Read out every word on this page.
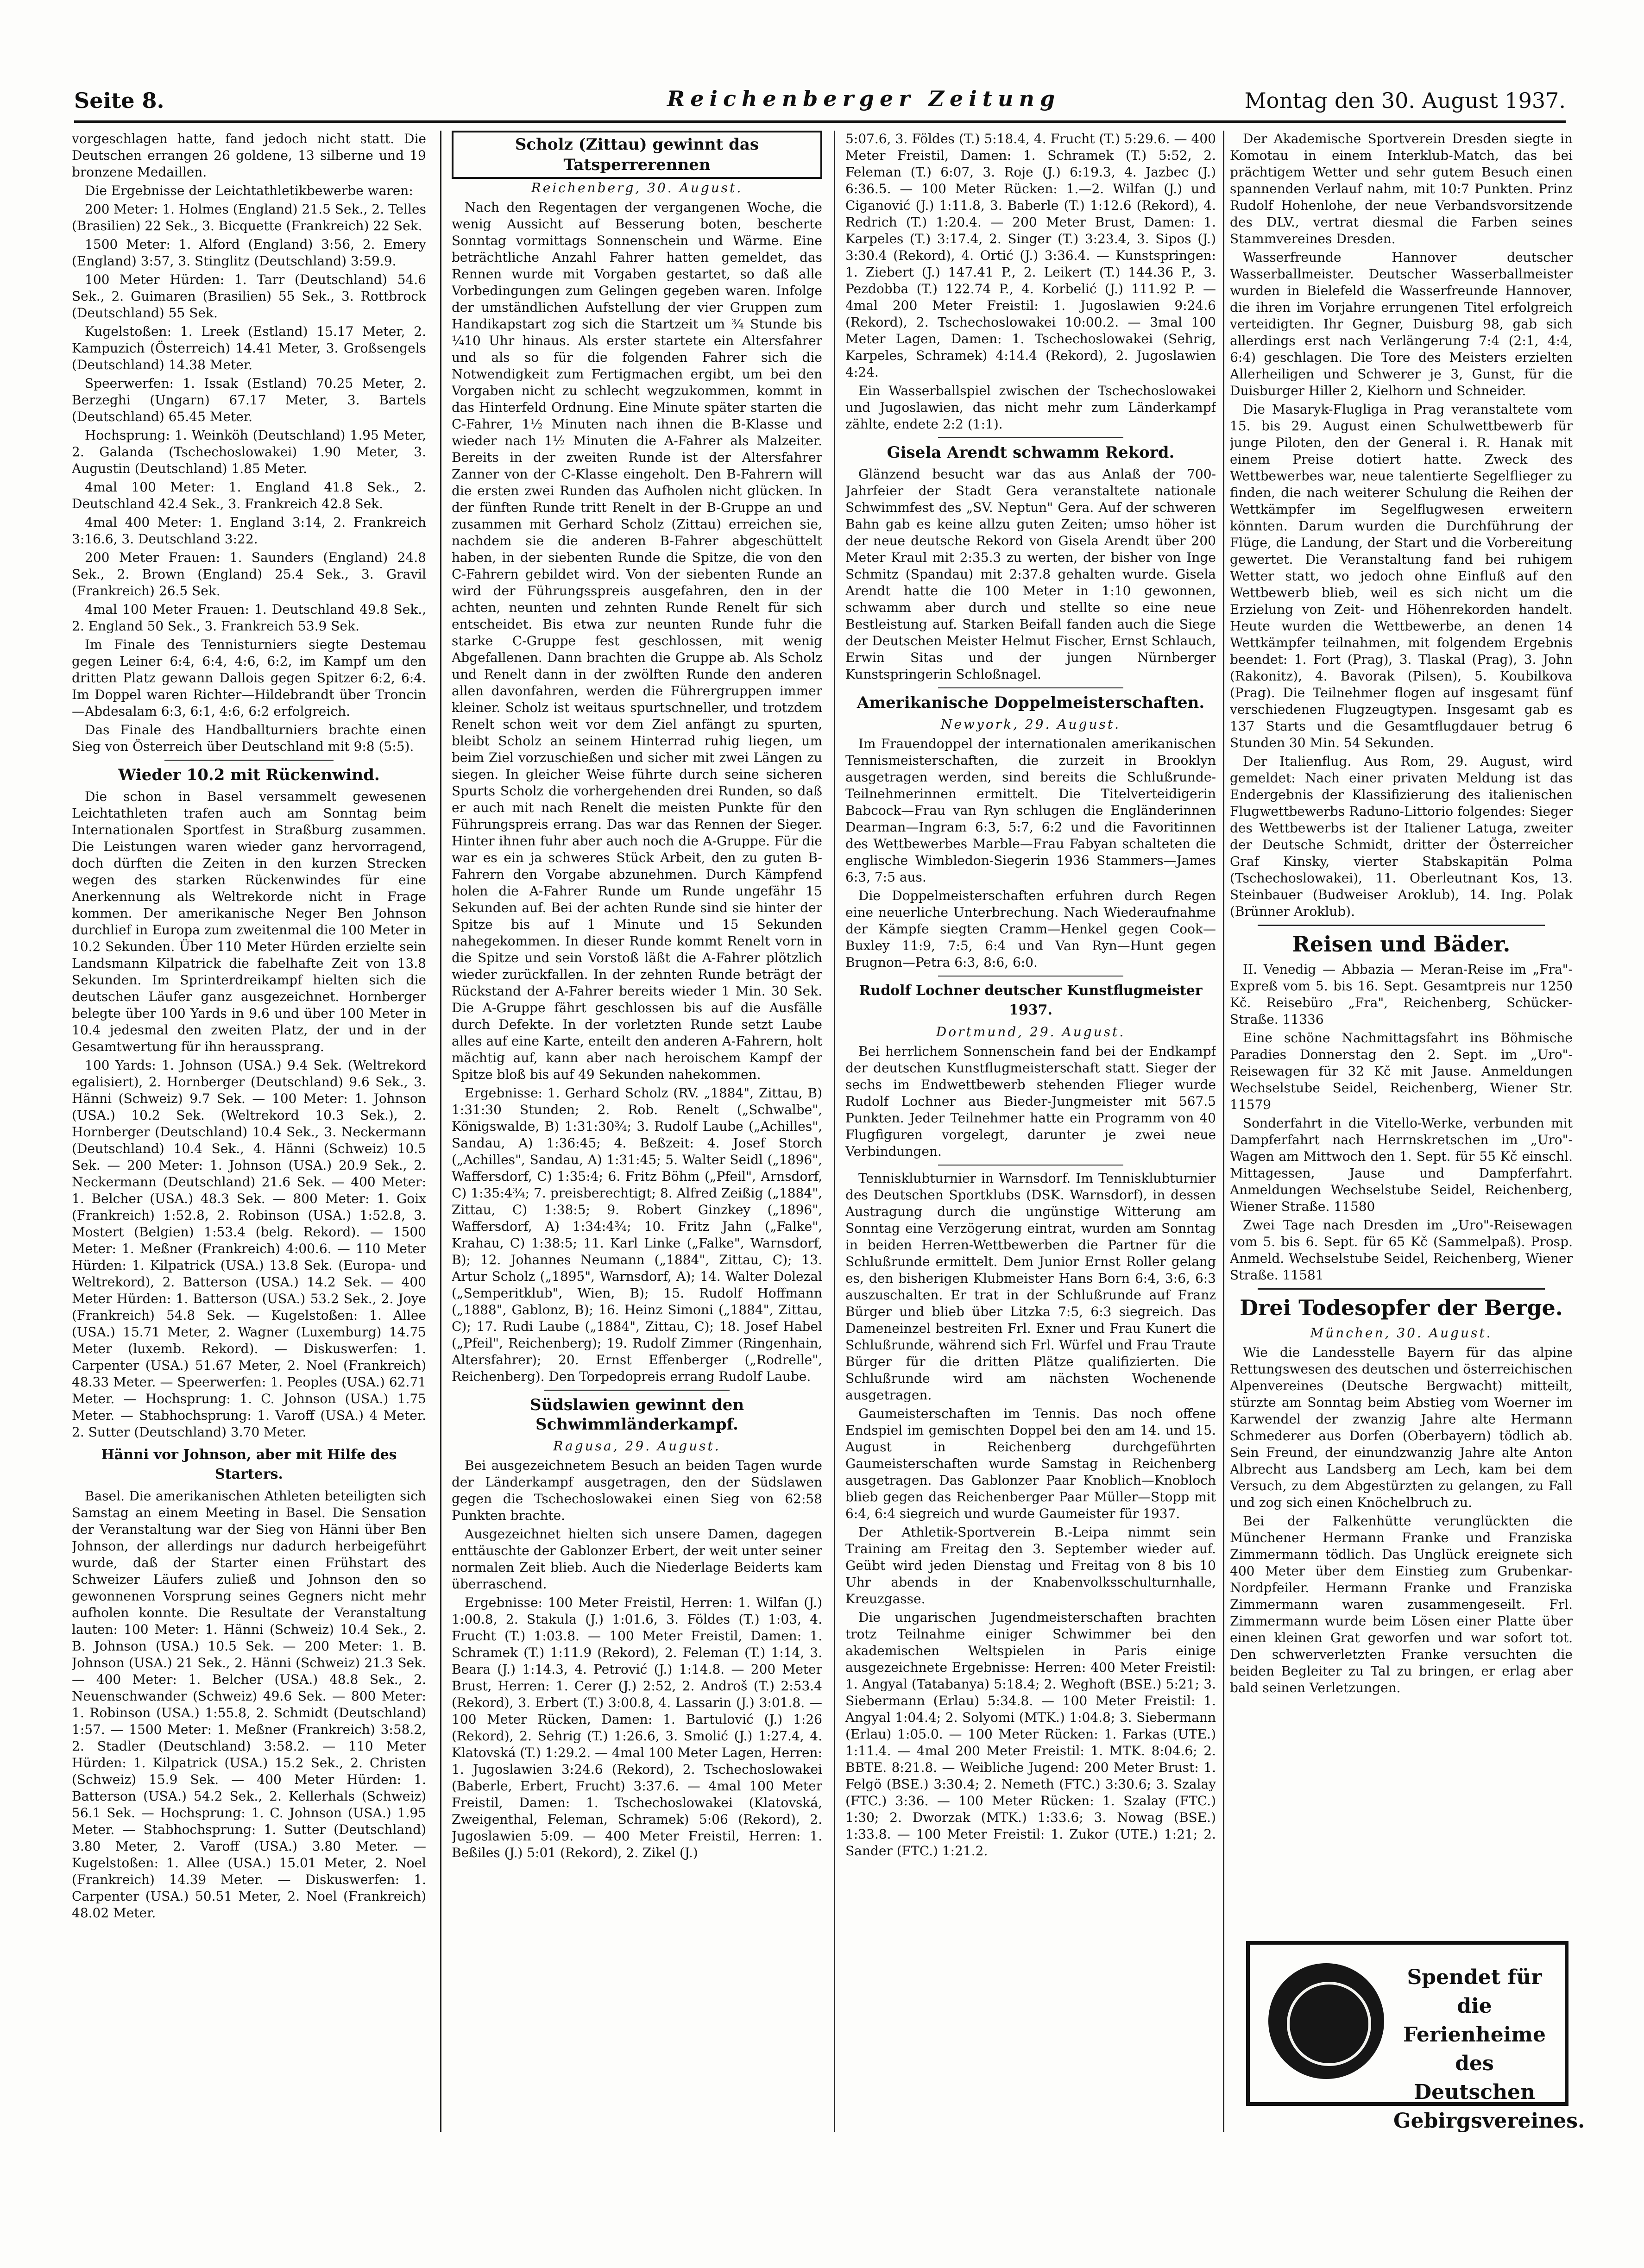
Seite 8.	Reichenberger Zeitung	Montag den 30. August 1937.

vorgeschlagen hatte, fand jedoch nicht statt. Die Deutschen errangen 26 goldene, 13 silberne und 19 bronzene Medaillen.

Die Ergebnisse der Leichtathletikbewerbe waren:

200 Meter: 1. Holmes (England) 21.5 Sek., 2. Telles (Brasilien) 22 Sek., 3. Bicquette (Frankreich) 22 Sek.

1500 Meter: 1. Alford (England) 3:56, 2. Emery (England) 3:57, 3. Stinglitz (Deutschland) 3:59.9.

100 Meter Hürden: 1. Tarr (Deutschland) 54.6 Sek., 2. Guimaren (Brasilien) 55 Sek., 3. Rottbrock (Deutschland) 55 Sek.

Kugelstoßen: 1. Lreek (Estland) 15.17 Meter, 2. Kampuzich (Österreich) 14.41 Meter, 3. Großsengels (Deutschland) 14.38 Meter.

Speerwerfen: 1. Issak (Estland) 70.25 Meter, 2. Berzeghi (Ungarn) 67.17 Meter, 3. Bartels (Deutschland) 65.45 Meter.

Hochsprung: 1. Weinköh (Deutschland) 1.95 Meter, 2. Galanda (Tschechoslowakei) 1.90 Meter, 3. Augustin (Deutschland) 1.85 Meter.

4mal 100 Meter: 1. England 41.8 Sek., 2. Deutschland 42.4 Sek., 3. Frankreich 42.8 Sek.

4mal 400 Meter: 1. England 3:14, 2. Frankreich 3:16.6, 3. Deutschland 3:22.

200 Meter Frauen: 1. Saunders (England) 24.8 Sek., 2. Brown (England) 25.4 Sek., 3. Gravil (Frankreich) 26.5 Sek.

4mal 100 Meter Frauen: 1. Deutschland 49.8 Sek., 2. England 50 Sek., 3. Frankreich 53.9 Sek.

Im Finale des Tennisturniers siegte Destemau gegen Leiner 6:4, 6:4, 4:6, 6:2, im Kampf um den dritten Platz gewann Dallois gegen Spitzer 6:2, 6:4. Im Doppel waren Richter—Hildebrandt über Troncin—Abdesalam 6:3, 6:1, 4:6, 6:2 erfolgreich.

Das Finale des Handballturniers brachte einen Sieg von Österreich über Deutschland mit 9:8 (5:5).

Wieder 10.2 mit Rückenwind.

Die schon in Basel versammelt gewesenen Leichtathleten trafen auch am Sonntag beim Internationalen Sportfest in Straßburg zusammen. Die Leistungen waren wieder ganz hervorragend, doch dürften die Zeiten in den kurzen Strecken wegen des starken Rückenwindes für eine Anerkennung als Weltrekorde nicht in Frage kommen. Der amerikanische Neger Ben Johnson durchlief in Europa zum zweitenmal die 100 Meter in 10.2 Sekunden. Über 110 Meter Hürden erzielte sein Landsmann Kilpatrick die fabelhafte Zeit von 13.8 Sekunden. Im Sprinterdreikampf hielten sich die deutschen Läufer ganz ausgezeichnet. Hornberger belegte über 100 Yards in 9.6 und über 100 Meter in 10.4 jedesmal den zweiten Platz, der und in der Gesamtwertung für ihn heraussprang.

100 Yards: 1. Johnson (USA.) 9.4 Sek. (Weltrekord egalisiert), 2. Hornberger (Deutschland) 9.6 Sek., 3. Hänni (Schweiz) 9.7 Sek. — 100 Meter: 1. Johnson (USA.) 10.2 Sek. (Weltrekord 10.3 Sek.), 2. Hornberger (Deutschland) 10.4 Sek., 3. Neckermann (Deutschland) 10.4 Sek., 4. Hänni (Schweiz) 10.5 Sek. — 200 Meter: 1. Johnson (USA.) 20.9 Sek., 2. Neckermann (Deutschland) 21.6 Sek. — 400 Meter: 1. Belcher (USA.) 48.3 Sek. — 800 Meter: 1. Goix (Frankreich) 1:52.8, 2. Robinson (USA.) 1:52.8, 3. Mostert (Belgien) 1:53.4 (belg. Rekord). — 1500 Meter: 1. Meßner (Frankreich) 4:00.6. — 110 Meter Hürden: 1. Kilpatrick (USA.) 13.8 Sek. (Europa- und Weltrekord), 2. Batterson (USA.) 14.2 Sek. — 400 Meter Hürden: 1. Batterson (USA.) 53.2 Sek., 2. Joye (Frankreich) 54.8 Sek. — Kugelstoßen: 1. Allee (USA.) 15.71 Meter, 2. Wagner (Luxemburg) 14.75 Meter (luxemb. Rekord). — Diskuswerfen: 1. Carpenter (USA.) 51.67 Meter, 2. Noel (Frankreich) 48.33 Meter. — Speerwerfen: 1. Peoples (USA.) 62.71 Meter. — Hochsprung: 1. C. Johnson (USA.) 1.75 Meter. — Stabhochsprung: 1. Varoff (USA.) 4 Meter. 2. Sutter (Deutschland) 3.70 Meter.

Hänni vor Johnson, aber mit Hilfe des Starters.

Basel. Die amerikanischen Athleten beteiligten sich Samstag an einem Meeting in Basel. Die Sensation der Veranstaltung war der Sieg von Hänni über Ben Johnson, der allerdings nur dadurch herbeigeführt wurde, daß der Starter einen Frühstart des Schweizer Läufers zuließ und Johnson den so gewonnenen Vorsprung seines Gegners nicht mehr aufholen konnte. Die Resultate der Veranstaltung lauten: 100 Meter: 1. Hänni (Schweiz) 10.4 Sek., 2. B. Johnson (USA.) 10.5 Sek. — 200 Meter: 1. B. Johnson (USA.) 21 Sek., 2. Hänni (Schweiz) 21.3 Sek. — 400 Meter: 1. Belcher (USA.) 48.8 Sek., 2. Neuenschwander (Schweiz) 49.6 Sek. — 800 Meter: 1. Robinson (USA.) 1:55.8, 2. Schmidt (Deutschland) 1:57. — 1500 Meter: 1. Meßner (Frankreich) 3:58.2, 2. Stadler (Deutschland) 3:58.2. — 110 Meter Hürden: 1. Kilpatrick (USA.) 15.2 Sek., 2. Christen (Schweiz) 15.9 Sek. — 400 Meter Hürden: 1. Batterson (USA.) 54.2 Sek., 2. Kellerhals (Schweiz) 56.1 Sek. — Hochsprung: 1. C. Johnson (USA.) 1.95 Meter. — Stabhochsprung: 1. Sutter (Deutschland) 3.80 Meter, 2. Varoff (USA.) 3.80 Meter. — Kugelstoßen: 1. Allee (USA.) 15.01 Meter, 2. Noel (Frankreich) 14.39 Meter. — Diskuswerfen: 1. Carpenter (USA.) 50.51 Meter, 2. Noel (Frankreich) 48.02 Meter.

Scholz (Zittau) gewinnt das Tatsperrerennen
Reichenberg, 30. August.

Nach den Regentagen der vergangenen Woche, die wenig Aussicht auf Besserung boten, bescherte Sonntag vormittags Sonnenschein und Wärme. Eine beträchtliche Anzahl Fahrer hatten gemeldet, das Rennen wurde mit Vorgaben gestartet, so daß alle Vorbedingungen zum Gelingen gegeben waren. Infolge der umständlichen Aufstellung der vier Gruppen zum Handikapstart zog sich die Startzeit um ¾ Stunde bis ¼10 Uhr hinaus. Als erster startete ein Altersfahrer und als so für die folgenden Fahrer sich die Notwendigkeit zum Fertigmachen ergibt, um bei den Vorgaben nicht zu schlecht wegzukommen, kommt in das Hinterfeld Ordnung. Eine Minute später starten die C-Fahrer, 1½ Minuten nach ihnen die B-Klasse und wieder nach 1½ Minuten die A-Fahrer als Malzeiter. Bereits in der zweiten Runde ist der Altersfahrer Zanner von der C-Klasse eingeholt. Den B-Fahrern will die ersten zwei Runden das Aufholen nicht glücken. In der fünften Runde tritt Renelt in der B-Gruppe an und zusammen mit Gerhard Scholz (Zittau) erreichen sie, nachdem sie die anderen B-Fahrer abgeschüttelt haben, in der siebenten Runde die Spitze, die von den C-Fahrern gebildet wird. Von der siebenten Runde an wird der Führungsspreis ausgefahren, den in der achten, neunten und zehnten Runde Renelt für sich entscheidet. Bis etwa zur neunten Runde fuhr die starke C-Gruppe fest geschlossen, mit wenig Abgefallenen. Dann brachten die Gruppe ab. Als Scholz und Renelt dann in der zwölften Runde den anderen allen davonfahren, werden die Führergruppen immer kleiner. Scholz ist weitaus spurtschneller, und trotzdem Renelt schon weit vor dem Ziel anfängt zu spurten, bleibt Scholz an seinem Hinterrad ruhig liegen, um beim Ziel vorzuschießen und sicher mit zwei Längen zu siegen. In gleicher Weise führte durch seine sicheren Spurts Scholz die vorhergehenden drei Runden, so daß er auch mit nach Renelt die meisten Punkte für den Führungspreis errang. Das war das Rennen der Sieger. Hinter ihnen fuhr aber auch noch die A-Gruppe. Für die war es ein ja schweres Stück Arbeit, den zu guten B-Fahrern den Vorgabe abzunehmen. Durch Kämpfend holen die A-Fahrer Runde um Runde ungefähr 15 Sekunden auf. Bei der achten Runde sind sie hinter der Spitze bis auf 1 Minute und 15 Sekunden nahegekommen. In dieser Runde kommt Renelt vorn in die Spitze und sein Vorstoß läßt die A-Fahrer plötzlich wieder zurückfallen. In der zehnten Runde beträgt der Rückstand der A-Fahrer bereits wieder 1 Min. 30 Sek. Die A-Gruppe fährt geschlossen bis auf die Ausfälle durch Defekte. In der vorletzten Runde setzt Laube alles auf eine Karte, enteilt den anderen A-Fahrern, holt mächtig auf, kann aber nach heroischem Kampf der Spitze bloß bis auf 49 Sekunden nahekommen.

Ergebnisse: 1. Gerhard Scholz (RV. „1884", Zittau, B) 1:31:30 Stunden; 2. Rob. Renelt („Schwalbe", Königswalde, B) 1:31:30¾; 3. Rudolf Laube („Achilles", Sandau, A) 1:36:45; 4. Beßzeit: 4. Josef Storch („Achilles", Sandau, A) 1:31:45; 5. Walter Seidl („1896", Waffersdorf, C) 1:35:4; 6. Fritz Böhm („Pfeil", Arnsdorf, C) 1:35:4¾; 7. preisberechtigt; 8. Alfred Zeißig („1884", Zittau, C) 1:38:5; 9. Robert Ginzkey („1896", Waffersdorf, A) 1:34:4¾; 10. Fritz Jahn („Falke", Krahau, C) 1:38:5; 11. Karl Linke („Falke", Warnsdorf, B); 12. Johannes Neumann („1884", Zittau, C); 13. Artur Scholz („1895", Warnsdorf, A); 14. Walter Dolezal („Semperitklub", Wien, B); 15. Rudolf Hoffmann („1888", Gablonz, B); 16. Heinz Simoni („1884", Zittau, C); 17. Rudi Laube („1884", Zittau, C); 18. Josef Habel („Pfeil", Reichenberg); 19. Rudolf Zimmer (Ringenhain, Altersfahrer); 20. Ernst Effenberger („Rodrelle", Reichenberg). Den Torpedopreis errang Rudolf Laube.

Südslawien gewinnt den Schwimmländerkampf.
Ragusa, 29. August.

Bei ausgezeichnetem Besuch an beiden Tagen wurde der Länderkampf ausgetragen, den der Südslawen gegen die Tschechoslowakei einen Sieg von 62:58 Punkten brachte.

Ausgezeichnet hielten sich unsere Damen, dagegen enttäuschte der Gablonzer Erbert, der weit unter seiner normalen Zeit blieb. Auch die Niederlage Beiderts kam überraschend.

Ergebnisse: 100 Meter Freistil, Herren: 1. Wilfan (J.) 1:00.8, 2. Stakula (J.) 1:01.6, 3. Földes (T.) 1:03, 4. Frucht (T.) 1:03.8. — 100 Meter Freistil, Damen: 1. Schramek (T.) 1:11.9 (Rekord), 2. Feleman (T.) 1:14, 3. Beara (J.) 1:14.3, 4. Petrović (J.) 1:14.8. — 200 Meter Brust, Herren: 1. Cerer (J.) 2:52, 2. Androš (T.) 2:53.4 (Rekord), 3. Erbert (T.) 3:00.8, 4. Lassarin (J.) 3:01.8. — 100 Meter Rücken, Damen: 1. Bartulović (J.) 1:26 (Rekord), 2. Sehrig (T.) 1:26.6, 3. Smolić (J.) 1:27.4, 4. Klatovská (T.) 1:29.2. — 4mal 100 Meter Lagen, Herren: 1. Jugoslawien 3:24.6 (Rekord), 2. Tschechoslowakei (Baberle, Erbert, Frucht) 3:37.6. — 4mal 100 Meter Freistil, Damen: 1. Tschechoslowakei (Klatovská, Zweigenthal, Feleman, Schramek) 5:06 (Rekord), 2. Jugoslawien 5:09. — 400 Meter Freistil, Herren: 1. Beßiles (J.) 5:01 (Rekord), 2. Zikel (J.)

5:07.6, 3. Földes (T.) 5:18.4, 4. Frucht (T.) 5:29.6. — 400 Meter Freistil, Damen: 1. Schramek (T.) 5:52, 2. Feleman (T.) 6:07, 3. Roje (J.) 6:19.3, 4. Jazbec (J.) 6:36.5. — 100 Meter Rücken: 1.—2. Wilfan (J.) und Ciganović (J.) 1:11.8, 3. Baberle (T.) 1:12.6 (Rekord), 4. Redrich (T.) 1:20.4. — 200 Meter Brust, Damen: 1. Karpeles (T.) 3:17.4, 2. Singer (T.) 3:23.4, 3. Sipos (J.) 3:30.4 (Rekord), 4. Ortić (J.) 3:36.4. — Kunstspringen: 1. Ziebert (J.) 147.41 P., 2. Leikert (T.) 144.36 P., 3. Pezdobba (T.) 122.74 P., 4. Korbelić (J.) 111.92 P. — 4mal 200 Meter Freistil: 1. Jugoslawien 9:24.6 (Rekord), 2. Tschechoslowakei 10:00.2. — 3mal 100 Meter Lagen, Damen: 1. Tschechoslowakei (Sehrig, Karpeles, Schramek) 4:14.4 (Rekord), 2. Jugoslawien 4:24.

Ein Wasserballspiel zwischen der Tschechoslowakei und Jugoslawien, das nicht mehr zum Länderkampf zählte, endete 2:2 (1:1).

Gisela Arendt schwamm Rekord.

Glänzend besucht war das aus Anlaß der 700-Jahrfeier der Stadt Gera veranstaltete nationale Schwimmfest des „SV. Neptun" Gera. Auf der schweren Bahn gab es keine allzu guten Zeiten; umso höher ist der neue deutsche Rekord von Gisela Arendt über 200 Meter Kraul mit 2:35.3 zu werten, der bisher von Inge Schmitz (Spandau) mit 2:37.8 gehalten wurde. Gisela Arendt hatte die 100 Meter in 1:10 gewonnen, schwamm aber durch und stellte so eine neue Bestleistung auf. Starken Beifall fanden auch die Siege der Deutschen Meister Helmut Fischer, Ernst Schlauch, Erwin Sitas und der jungen Nürnberger Kunstspringerin Schloßnagel.

Amerikanische Doppelmeisterschaften.
Newyork, 29. August.

Im Frauendoppel der internationalen amerikanischen Tennismeisterschaften, die zurzeit in Brooklyn ausgetragen werden, sind bereits die Schlußrunde-Teilnehmerinnen ermittelt. Die Titelverteidigerin Babcock—Frau van Ryn schlugen die Engländerinnen Dearman—Ingram 6:3, 5:7, 6:2 und die Favoritinnen des Wettbewerbes Marble—Frau Fabyan schalteten die englische Wimbledon-Siegerin 1936 Stammers—James 6:3, 7:5 aus.

Die Doppelmeisterschaften erfuhren durch Regen eine neuerliche Unterbrechung. Nach Wiederaufnahme der Kämpfe siegten Cramm—Henkel gegen Cook—Buxley 11:9, 7:5, 6:4 und Van Ryn—Hunt gegen Brugnon—Petra 6:3, 8:6, 6:0.

Rudolf Lochner deutscher Kunstflugmeister 1937.
Dortmund, 29. August.

Bei herrlichem Sonnenschein fand bei der Endkampf der deutschen Kunstflugmeisterschaft statt. Sieger der sechs im Endwettbewerb stehenden Flieger wurde Rudolf Lochner aus Bieder-Jungmeister mit 567.5 Punkten. Jeder Teilnehmer hatte ein Programm von 40 Flugfiguren vorgelegt, darunter je zwei neue Verbindungen.

Tennisklubturnier in Warnsdorf. Im Tennisklubturnier des Deutschen Sportklubs (DSK. Warnsdorf), in dessen Austragung durch die ungünstige Witterung am Sonntag eine Verzögerung eintrat, wurden am Sonntag in beiden Herren-Wettbewerben die Partner für die Schlußrunde ermittelt. Dem Junior Ernst Roller gelang es, den bisherigen Klubmeister Hans Born 6:4, 3:6, 6:3 auszuschalten. Er trat in der Schlußrunde auf Franz Bürger und blieb über Litzka 7:5, 6:3 siegreich. Das Dameneinzel bestreiten Frl. Exner und Frau Kunert die Schlußrunde, während sich Frl. Würfel und Frau Traute Bürger für die dritten Plätze qualifizierten. Die Schlußrunde wird am nächsten Wochenende ausgetragen.

Gaumeisterschaften im Tennis. Das noch offene Endspiel im gemischten Doppel bei den am 14. und 15. August in Reichenberg durchgeführten Gaumeisterschaften wurde Samstag in Reichenberg ausgetragen. Das Gablonzer Paar Knoblich—Knobloch blieb gegen das Reichenberger Paar Müller—Stopp mit 6:4, 6:4 siegreich und wurde Gaumeister für 1937.

Der Athletik-Sportverein B.-Leipa nimmt sein Training am Freitag den 3. September wieder auf. Geübt wird jeden Dienstag und Freitag von 8 bis 10 Uhr abends in der Knabenvolksschulturnhalle, Kreuzgasse.

Die ungarischen Jugendmeisterschaften brachten trotz Teilnahme einiger Schwimmer bei den akademischen Weltspielen in Paris einige ausgezeichnete Ergebnisse: Herren: 400 Meter Freistil: 1. Angyal (Tatabanya) 5:18.4; 2. Weghoft (BSE.) 5:21; 3. Siebermann (Erlau) 5:34.8. — 100 Meter Freistil: 1. Angyal 1:04.4; 2. Solyomi (MTK.) 1:04.8; 3. Siebermann (Erlau) 1:05.0. — 100 Meter Rücken: 1. Farkas (UTE.) 1:11.4. — 4mal 200 Meter Freistil: 1. MTK. 8:04.6; 2. BBTE. 8:21.8. — Weibliche Jugend: 200 Meter Brust: 1. Felgö (BSE.) 3:30.4; 2. Nemeth (FTC.) 3:30.6; 3. Szalay (FTC.) 3:36. — 100 Meter Rücken: 1. Szalay (FTC.) 1:30; 2. Dworzak (MTK.) 1:33.6; 3. Nowag (BSE.) 1:33.8. — 100 Meter Freistil: 1. Zukor (UTE.) 1:21; 2. Sander (FTC.) 1:21.2.

Der Akademische Sportverein Dresden siegte in Komotau in einem Interklub-Match, das bei prächtigem Wetter und sehr gutem Besuch einen spannenden Verlauf nahm, mit 10:7 Punkten. Prinz Rudolf Hohenlohe, der neue Verbandsvorsitzende des DLV., vertrat diesmal die Farben seines Stammvereines Dresden.

Wasserfreunde Hannover deutscher Wasserballmeister. Deutscher Wasserballmeister wurden in Bielefeld die Wasserfreunde Hannover, die ihren im Vorjahre errungenen Titel erfolgreich verteidigten. Ihr Gegner, Duisburg 98, gab sich allerdings erst nach Verlängerung 7:4 (2:1, 4:4, 6:4) geschlagen. Die Tore des Meisters erzielten Allerheiligen und Schwerer je 3, Gunst, für die Duisburger Hiller 2, Kielhorn und Schneider.

Die Masaryk-Flugliga in Prag veranstaltete vom 15. bis 29. August einen Schulwettbewerb für junge Piloten, den der General i. R. Hanak mit einem Preise dotiert hatte. Zweck des Wettbewerbes war, neue talentierte Segelflieger zu finden, die nach weiterer Schulung die Reihen der Wettkämpfer im Segelflugwesen erweitern könnten. Darum wurden die Durchführung der Flüge, die Landung, der Start und die Vorbereitung gewertet. Die Veranstaltung fand bei ruhigem Wetter statt, wo jedoch ohne Einfluß auf den Wettbewerb blieb, weil es sich nicht um die Erzielung von Zeit- und Höhenrekorden handelt. Heute wurden die Wettbewerbe, an denen 14 Wettkämpfer teilnahmen, mit folgendem Ergebnis beendet: 1. Fort (Prag), 3. Tlaskal (Prag), 3. John (Rakonitz), 4. Bavorak (Pilsen), 5. Koubilkova (Prag). Die Teilnehmer flogen auf insgesamt fünf verschiedenen Flugzeugtypen. Insgesamt gab es 137 Starts und die Gesamtflugdauer betrug 6 Stunden 30 Min. 54 Sekunden.

Der Italienflug. Aus Rom, 29. August, wird gemeldet: Nach einer privaten Meldung ist das Endergebnis der Klassifizierung des italienischen Flugwettbewerbs Raduno-Littorio folgendes: Sieger des Wettbewerbs ist der Italiener Latuga, zweiter der Deutsche Schmidt, dritter der Österreicher Graf Kinsky, vierter Stabskapitän Polma (Tschechoslowakei), 11. Oberleutnant Kos, 13. Steinbauer (Budweiser Aroklub), 14. Ing. Polak (Brünner Aroklub).

Reisen und Bäder.

II. Venedig — Abbazia — Meran-Reise im „Fra"-Expreß vom 5. bis 16. Sept. Gesamtpreis nur 1250 Kč. Reisebüro „Fra", Reichenberg, Schücker-Straße. 11336

Eine schöne Nachmittagsfahrt ins Böhmische Paradies Donnerstag den 2. Sept. im „Uro"-Reisewagen für 32 Kč mit Jause. Anmeldungen Wechselstube Seidel, Reichenberg, Wiener Str. 11579

Sonderfahrt in die Vitello-Werke, verbunden mit Dampferfahrt nach Herrnskretschen im „Uro"-Wagen am Mittwoch den 1. Sept. für 55 Kč einschl. Mittagessen, Jause und Dampferfahrt. Anmeldungen Wechselstube Seidel, Reichenberg, Wiener Straße. 11580

Zwei Tage nach Dresden im „Uro"-Reisewagen vom 5. bis 6. Sept. für 65 Kč (Sammelpaß). Prosp. Anmeld. Wechselstube Seidel, Reichenberg, Wiener Straße. 11581

Drei Todesopfer der Berge.
München, 30. August.

Wie die Landesstelle Bayern für das alpine Rettungswesen des deutschen und österreichischen Alpenvereines (Deutsche Bergwacht) mitteilt, stürzte am Sonntag beim Abstieg vom Woerner im Karwendel der zwanzig Jahre alte Hermann Schmederer aus Dorfen (Oberbayern) tödlich ab. Sein Freund, der einundzwanzig Jahre alte Anton Albrecht aus Landsberg am Lech, kam bei dem Versuch, zu dem Abgestürzten zu gelangen, zu Fall und zog sich einen Knöchelbruch zu.

Bei der Falkenhütte verunglückten die Münchener Hermann Franke und Franziska Zimmermann tödlich. Das Unglück ereignete sich 400 Meter über dem Einstieg zum Grubenkar-Nordpfeiler. Hermann Franke und Franziska Zimmermann waren zusammengeseilt. Frl. Zimmermann wurde beim Lösen einer Platte über einen kleinen Grat geworfen und war sofort tot. Den schwerverletzten Franke versuchten die beiden Begleiter zu Tal zu bringen, er erlag aber bald seinen Verletzungen.

Spendet für die
Ferienheime
des Deutschen
Gebirgsvereines.
